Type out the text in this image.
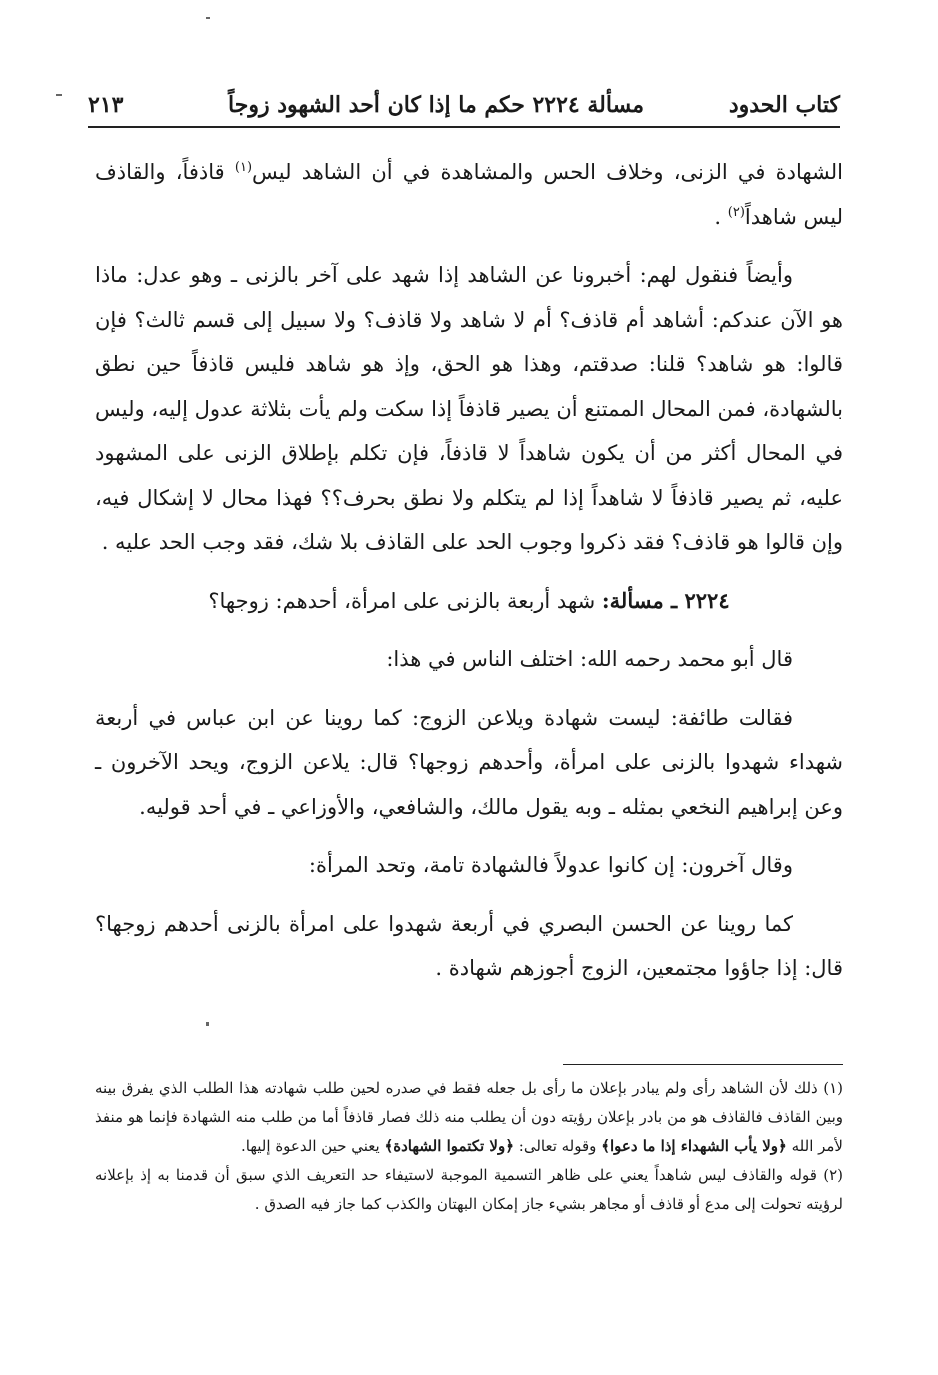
كتاب الحدود
مسألة ٢٢٢٤ حكم ما إذا كان أحد الشهود زوجاً
٢١٣

الشهادة في الزنى، وخلاف الحس والمشاهدة في أن الشاهد ليس$^{(١)}$ قاذفاً، والقاذف ليس شاهداً$^{(٢)}$ .

وأيضاً فنقول لهم: أخبرونا عن الشاهد إذا شهد على آخر بالزنى ـ وهو عدل: ماذا هو الآن عندكم: أشاهد أم قاذف؟ أم لا شاهد ولا قاذف؟ ولا سبيل إلى قسم ثالث؟ فإن قالوا: هو شاهد؟ قلنا: صدقتم، وهذا هو الحق، وإذ هو شاهد فليس قاذفاً حين نطق بالشهادة، فمن المحال الممتنع أن يصير قاذفاً إذا سكت ولم يأت بثلاثة عدول إليه، وليس في المحال أكثر من أن يكون شاهداً لا قاذفاً، فإن تكلم بإطلاق الزنى على المشهود عليه، ثم يصير قاذفاً لا شاهداً إذا لم يتكلم ولا نطق بحرف؟؟ فهذا محال لا إشكال فيه، وإن قالوا هو قاذف؟ فقد ذكروا وجوب الحد على القاذف بلا شك، فقد وجب الحد عليه .

٢٢٢٤ ـ مسألة: شهد أربعة بالزنى على امرأة، أحدهم: زوجها؟

قال أبو محمد رحمه الله: اختلف الناس في هذا:

فقالت طائفة: ليست شهادة ويلاعن الزوج: كما روينا عن ابن عباس في أربعة شهداء شهدوا بالزنى على امرأة، وأحدهم زوجها؟ قال: يلاعن الزوج، ويحد الآخرون ـ وعن إبراهيم النخعي بمثله ـ وبه يقول مالك، والشافعي، والأوزاعي ـ في أحد قوليه.

وقال آخرون: إن كانوا عدولاً فالشهادة تامة، وتحد المرأة:

كما روينا عن الحسن البصري في أربعة شهدوا على امرأة بالزنى أحدهم زوجها؟ قال: إذا جاؤوا مجتمعين، الزوج أجوزهم شهادة .

(١) ذلك لأن الشاهد رأى ولم يبادر بإعلان ما رأى بل جعله فقط في صدره لحين طلب شهادته هذا الطلب الذي يفرق بينه وبين القاذف فالقاذف هو من بادر بإعلان رؤيته دون أن يطلب منه ذلك فصار قاذفاً أما من طلب منه الشهادة فإنما هو منفذ لأمر الله ﴿ولا يأب الشهداء إذا ما دعوا﴾ وقوله تعالى: ﴿ولا تكتموا الشهادة﴾ يعني حين الدعوة إليها.

(٢) قوله والقاذف ليس شاهداً يعني على ظاهر التسمية الموجبة لاستيفاء حد التعريف الذي سبق أن قدمنا به إذ بإعلانه لرؤيته تحولت إلى مدع أو قاذف أو مجاهر بشيء جاز إمكان البهتان والكذب كما جاز فيه الصدق .
